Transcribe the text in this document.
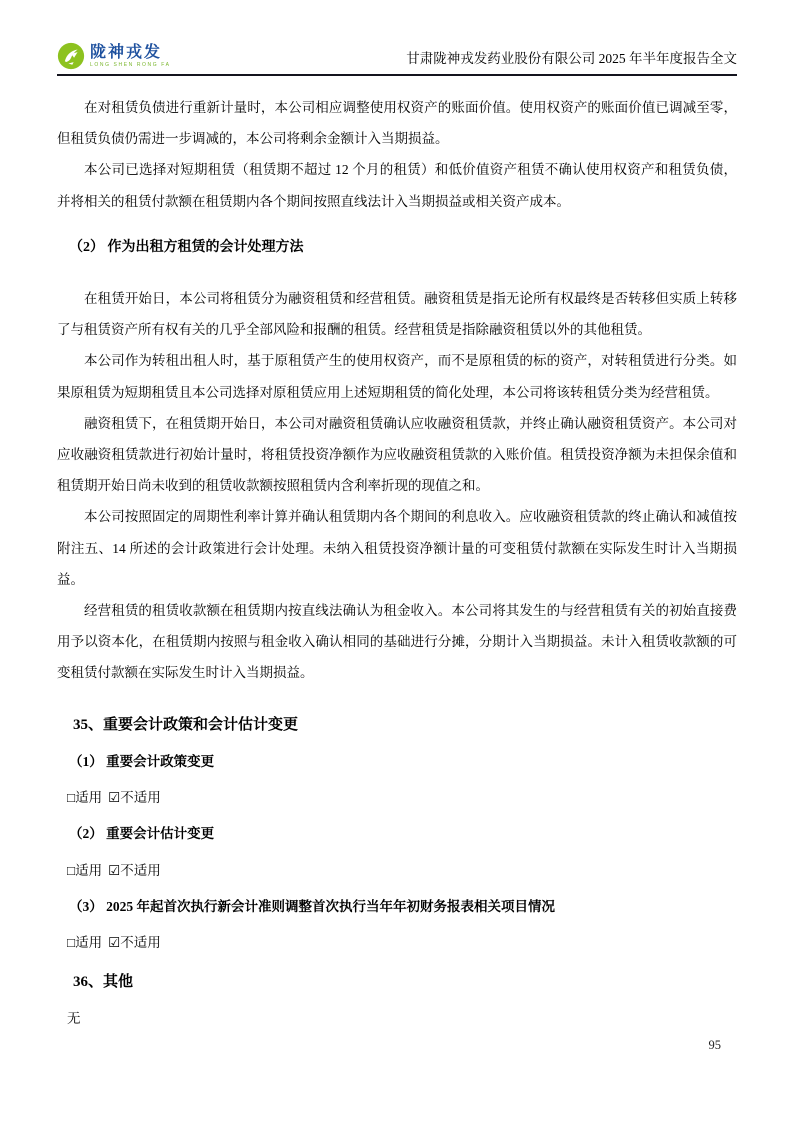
陇神戎发
LONG SHEN RONG FA	甘肃陇神戎发药业股份有限公司 2025 年半年度报告全文

在对租赁负债进行重新计量时，本公司相应调整使用权资产的账面价值。使用权资产的账面价值已调减至零，但租赁负债仍需进一步调减的，本公司将剩余金额计入当期损益。

本公司已选择对短期租赁（租赁期不超过 12 个月的租赁）和低价值资产租赁不确认使用权资产和租赁负债，并将相关的租赁付款额在租赁期内各个期间按照直线法计入当期损益或相关资产成本。

（2） 作为出租方租赁的会计处理方法

在租赁开始日，本公司将租赁分为融资租赁和经营租赁。融资租赁是指无论所有权最终是否转移但实质上转移了与租赁资产所有权有关的几乎全部风险和报酬的租赁。经营租赁是指除融资租赁以外的其他租赁。

本公司作为转租出租人时，基于原租赁产生的使用权资产，而不是原租赁的标的资产，对转租赁进行分类。如果原租赁为短期租赁且本公司选择对原租赁应用上述短期租赁的简化处理，本公司将该转租赁分类为经营租赁。

融资租赁下，在租赁期开始日，本公司对融资租赁确认应收融资租赁款，并终止确认融资租赁资产。本公司对应收融资租赁款进行初始计量时，将租赁投资净额作为应收融资租赁款的入账价值。租赁投资净额为未担保余值和租赁期开始日尚未收到的租赁收款额按照租赁内含利率折现的现值之和。

本公司按照固定的周期性利率计算并确认租赁期内各个期间的利息收入。应收融资租赁款的终止确认和减值按附注五、14 所述的会计政策进行会计处理。未纳入租赁投资净额计量的可变租赁付款额在实际发生时计入当期损益。

经营租赁的租赁收款额在租赁期内按直线法确认为租金收入。本公司将其发生的与经营租赁有关的初始直接费用予以资本化，在租赁期内按照与租金收入确认相同的基础进行分摊，分期计入当期损益。未计入租赁收款额的可变租赁付款额在实际发生时计入当期损益。

35、重要会计政策和会计估计变更
（1） 重要会计政策变更

□适用 ☑不适用

（2） 重要会计估计变更

□适用 ☑不适用

（3） 2025 年起首次执行新会计准则调整首次执行当年年初财务报表相关项目情况

□适用 ☑不适用

36、其他

无

95
